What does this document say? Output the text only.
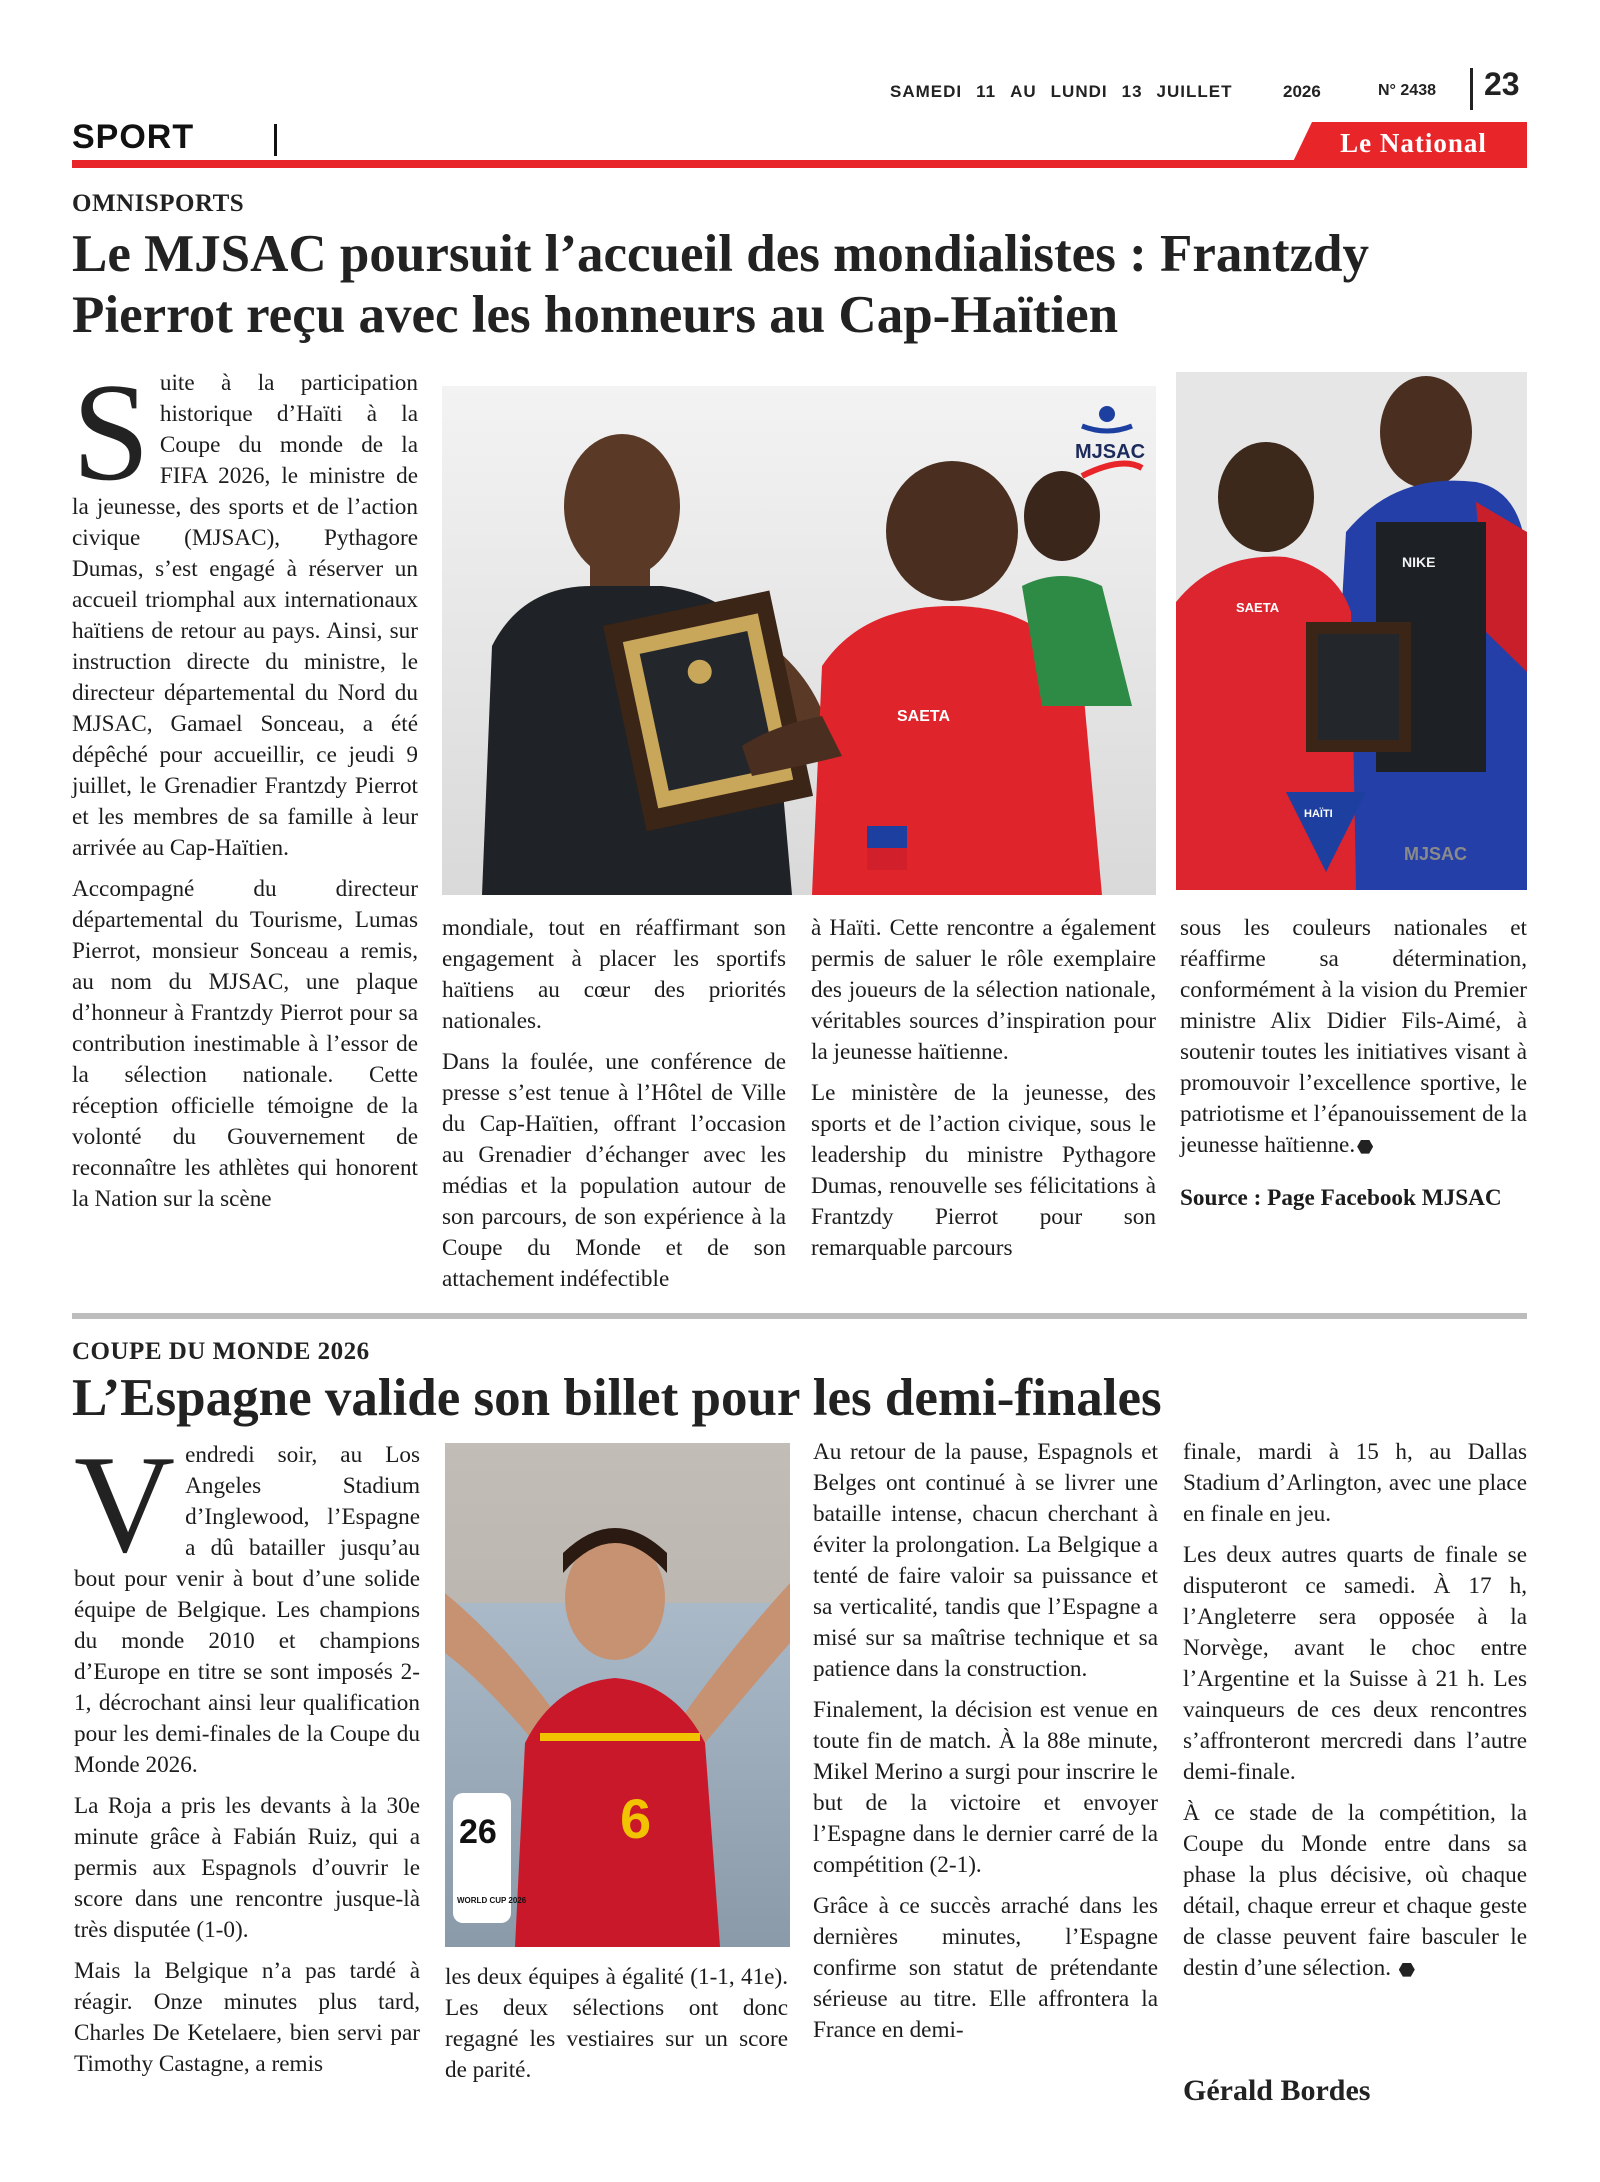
SAMEDI 11 AU LUNDI 13 JUILLET	2026	N° 2438 23
SPORT	Le National
OMNISPORTS
Le MJSAC poursuit l’accueil des mondialistes : Frantzdy Pierrot reçu avec les honneurs au Cap-Haïtien

Suite à la participation historique d’Haïti à la Coupe du monde de la FIFA 2026, le ministre de la jeunesse, des sports et de l’action civique (MJSAC), Pythagore Dumas, s’est engagé à réserver un accueil triomphal aux internationaux haïtiens de retour au pays. Ainsi, sur instruction directe du ministre, le directeur départemental du Nord du MJSAC, Gamael Sonceau, a été dépêché pour accueillir, ce jeudi 9 juillet, le Grenadier Frantzdy Pierrot et les membres de sa famille à leur arrivée au Cap-Haïtien.

Accompagné du directeur départemental du Tourisme, Lumas Pierrot, monsieur Sonceau a remis, au nom du MJSAC, une plaque d’honneur à Frantzdy Pierrot pour sa contribution inestimable à l’essor de la sélection nationale. Cette réception officielle témoigne de la volonté du Gouvernement de reconnaître les athlètes qui honorent la Nation sur la scène

SAETA
MJSAC
NIKE
SAETA
HAÏTI
MJSAC

mondiale, tout en réaffirmant son engagement à placer les sportifs haïtiens au cœur des priorités nationales.

Dans la foulée, une conférence de presse s’est tenue à l’Hôtel de Ville du Cap-Haïtien, offrant l’occasion au Grenadier d’échanger avec les médias et la population autour de son parcours, de son expérience à la Coupe du Monde et de son attachement indéfectible

à Haïti. Cette rencontre a également permis de saluer le rôle exemplaire des joueurs de la sélection nationale, véritables sources d’inspiration pour la jeunesse haïtienne.

Le ministère de la jeunesse, des sports et de l’action civique, sous le leadership du ministre Pythagore Dumas, renouvelle ses félicitations à Frantzdy Pierrot pour son remarquable parcours

sous les couleurs nationales et réaffirme sa détermination, conformément à la vision du Premier ministre Alix Didier Fils-Aimé, à soutenir toutes les initiatives visant à promouvoir l’excellence sportive, le patriotisme et l’épanouissement de la jeunesse haïtienne.

Source : Page Facebook MJSAC

COUPE DU MONDE 2026
L’Espagne valide son billet pour les demi-finales

Vendredi soir, au Los Angeles Stadium d’Inglewood, l’Espagne a dû batailler jusqu’au bout pour venir à bout d’une solide équipe de Belgique. Les champions du monde 2010 et champions d’Europe en titre se sont imposés 2-1, décrochant ainsi leur qualification pour les demi-finales de la Coupe du Monde 2026.

La Roja a pris les devants à la 30e minute grâce à Fabián Ruiz, qui a permis aux Espagnols d’ouvrir le score dans une rencontre jusque-là très disputée (1-0).

Mais la Belgique n’a pas tardé à réagir. Onze minutes plus tard, Charles De Ketelaere, bien servi par Timothy Castagne, a remis

6
26
WORLD CUP 2026

les deux équipes à égalité (1-1, 41e). Les deux sélections ont donc regagné les vestiaires sur un score de parité.

Au retour de la pause, Espagnols et Belges ont continué à se livrer une bataille intense, chacun cherchant à éviter la prolongation. La Belgique a tenté de faire valoir sa puissance et sa verticalité, tandis que l’Espagne a misé sur sa maîtrise technique et sa patience dans la construction.

Finalement, la décision est venue en toute fin de match. À la 88e minute, Mikel Merino a surgi pour inscrire le but de la victoire et envoyer l’Espagne dans le dernier carré de la compétition (2-1).

Grâce à ce succès arraché dans les dernières minutes, l’Espagne confirme son statut de prétendante sérieuse au titre. Elle affrontera la France en demi-

finale, mardi à 15 h, au Dallas Stadium d’Arlington, avec une place en finale en jeu.

Les deux autres quarts de finale se disputeront ce samedi. À 17 h, l’Angleterre sera opposée à la Norvège, avant le choc entre l’Argentine et la Suisse à 21 h. Les vainqueurs de ces deux rencontres s’affronteront mercredi dans l’autre demi-finale.

À ce stade de la compétition, la Coupe du Monde entre dans sa phase la plus décisive, où chaque détail, chaque erreur et chaque geste de classe peuvent faire basculer le destin d’une sélection.

Gérald Bordes
